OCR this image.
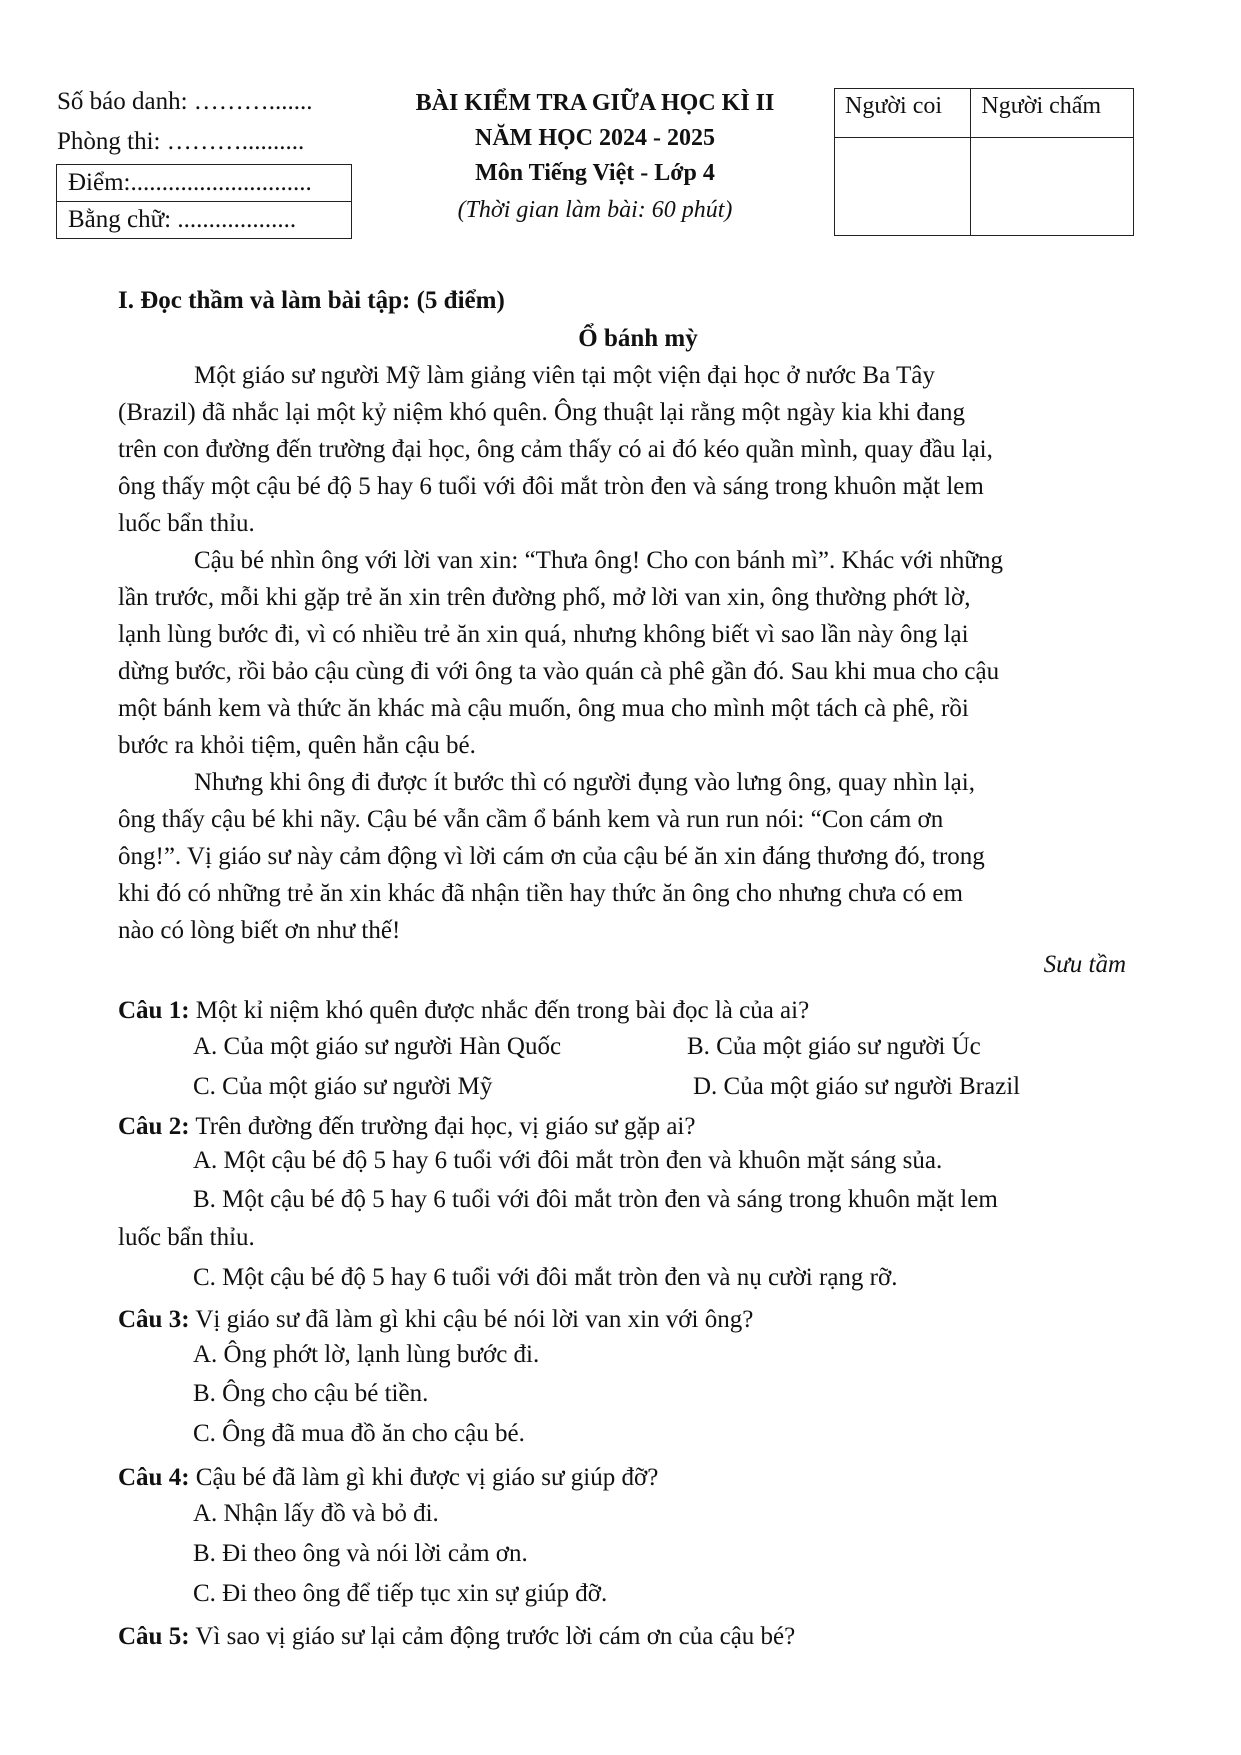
Số báo danh: ……….......
Phòng thi: ………..........
Điểm:.............................
Bằng chữ: ...................
BÀI KIỂM TRA GIỮA HỌC KÌ II
NĂM HỌC 2024 - 2025
Môn Tiếng Việt - Lớp 4
(Thời gian làm bài: 60 phút)
Người coi	Người chấm

I. Đọc thầm và làm bài tập: (5 điểm)
Ổ bánh mỳ
Một giáo sư người Mỹ làm giảng viên tại một viện đại học ở nước Ba Tây
(Brazil) đã nhắc lại một kỷ niệm khó quên. Ông thuật lại rằng một ngày kia khi đang
trên con đường đến trường đại học, ông cảm thấy có ai đó kéo quần mình, quay đầu lại,
ông thấy một cậu bé độ 5 hay 6 tuổi với đôi mắt tròn đen và sáng trong khuôn mặt lem
luốc bẩn thỉu.
Cậu bé nhìn ông với lời van xin: “Thưa ông! Cho con bánh mì”. Khác với những
lần trước, mỗi khi gặp trẻ ăn xin trên đường phố, mở lời van xin, ông thường phớt lờ,
lạnh lùng bước đi, vì có nhiều trẻ ăn xin quá, nhưng không biết vì sao lần này ông lại
dừng bước, rồi bảo cậu cùng đi với ông ta vào quán cà phê gần đó. Sau khi mua cho cậu
một bánh kem và thức ăn khác mà cậu muốn, ông mua cho mình một tách cà phê, rồi
bước ra khỏi tiệm, quên hẳn cậu bé.
Nhưng khi ông đi được ít bước thì có người đụng vào lưng ông, quay nhìn lại,
ông thấy cậu bé khi nãy. Cậu bé vẫn cầm ổ bánh kem và run run nói: “Con cám ơn
ông!”. Vị giáo sư này cảm động vì lời cám ơn của cậu bé ăn xin đáng thương đó, trong
khi đó có những trẻ ăn xin khác đã nhận tiền hay thức ăn ông cho nhưng chưa có em
nào có lòng biết ơn như thế!
Sưu tầm
Câu 1: Một kỉ niệm khó quên được nhắc đến trong bài đọc là của ai?
A. Của một giáo sư người Hàn Quốc	B. Của một giáo sư người Úc
C. Của một giáo sư người Mỹ	D. Của một giáo sư người Brazil
Câu 2: Trên đường đến trường đại học, vị giáo sư gặp ai?
A. Một cậu bé độ 5 hay 6 tuổi với đôi mắt tròn đen và khuôn mặt sáng sủa.
B. Một cậu bé độ 5 hay 6 tuổi với đôi mắt tròn đen và sáng trong khuôn mặt lem
luốc bẩn thỉu.
C. Một cậu bé độ 5 hay 6 tuổi với đôi mắt tròn đen và nụ cười rạng rỡ.
Câu 3: Vị giáo sư đã làm gì khi cậu bé nói lời van xin với ông?
A. Ông phớt lờ, lạnh lùng bước đi.
B. Ông cho cậu bé tiền.
C. Ông đã mua đồ ăn cho cậu bé.
Câu 4: Cậu bé đã làm gì khi được vị giáo sư giúp đỡ?
A. Nhận lấy đồ và bỏ đi.
B. Đi theo ông và nói lời cảm ơn.
C. Đi theo ông để tiếp tục xin sự giúp đỡ.
Câu 5: Vì sao vị giáo sư lại cảm động trước lời cám ơn của cậu bé?
